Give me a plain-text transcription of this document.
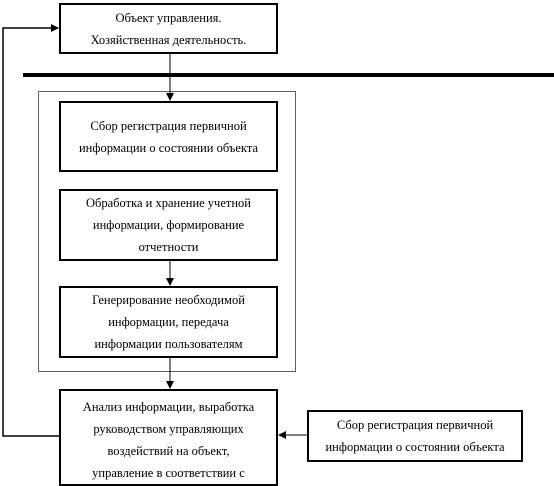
Объект управления.
Хозяйственная деятельность.
Сбор регистрация первичной
информации о состоянии объекта
Обработка и хранение учетной
информации, формирование
отчетности
Генерирование необходимой
информации, передача
информации пользователям
Анализ информации, выработка
руководством управляющих
воздействий на объект,
управление в соответствии с
Сбор регистрация первичной
информации о состоянии объекта
